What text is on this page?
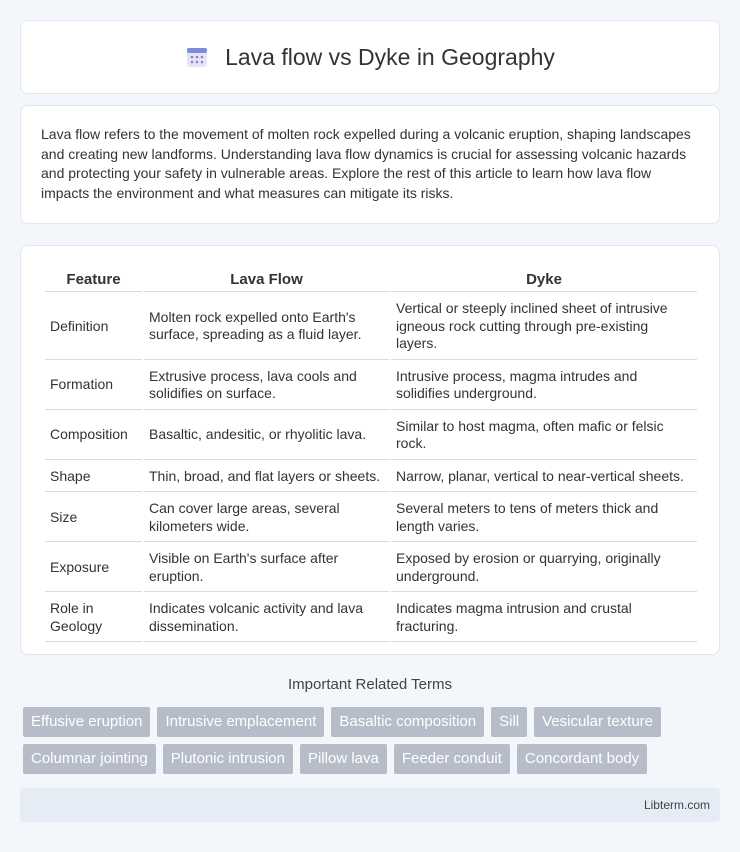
Lava flow vs Dyke in Geography

Lava flow refers to the movement of molten rock expelled during a volcanic eruption, shaping landscapes and creating new landforms. Understanding lava flow dynamics is crucial for assessing volcanic hazards and protecting your safety in vulnerable areas. Explore the rest of this article to learn how lava flow impacts the environment and what measures can mitigate its risks.

Feature	Lava Flow	Dyke
Definition	Molten rock expelled onto Earth's surface, spreading as a fluid layer.	Vertical or steeply inclined sheet of intrusive igneous rock cutting through pre-existing layers.
Formation	Extrusive process, lava cools and solidifies on surface.	Intrusive process, magma intrudes and solidifies underground.
Composition	Basaltic, andesitic, or rhyolitic lava.	Similar to host magma, often mafic or felsic rock.
Shape	Thin, broad, and flat layers or sheets.	Narrow, planar, vertical to near-vertical sheets.
Size	Can cover large areas, several kilometers wide.	Several meters to tens of meters thick and length varies.
Exposure	Visible on Earth's surface after eruption.	Exposed by erosion or quarrying, originally underground.
Role in Geology	Indicates volcanic activity and lava dissemination.	Indicates magma intrusion and crustal fracturing.
Important Related Terms
Effusive eruption	Intrusive emplacement	Basaltic composition	Sill	Vesicular texture
Columnar jointing	Plutonic intrusion	Pillow lava	Feeder conduit	Concordant body
Libterm.com
